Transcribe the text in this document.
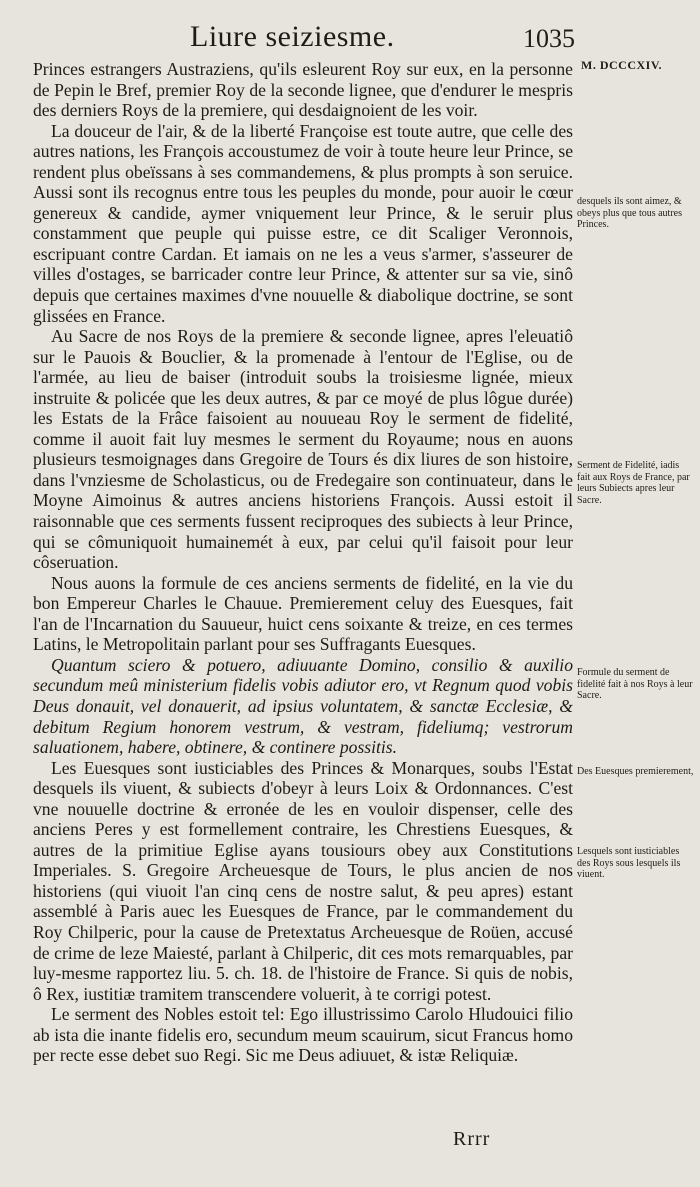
Liure seiziesme.	1035
M. DCCCXIV.

Princes estrangers Austraziens, qu'ils esleurent Roy sur eux, en la personne de Pepin le Bref, premier Roy de la seconde lignee, que d'endurer le mespris des derniers Roys de la premiere, qui desdaignoient de les voir.

La douceur de l'air, & de la liberté Françoise est toute autre, que celle des autres nations, les François accoustumez de voir à toute heure leur Prince, se rendent plus obeïssans à ses commandemens, & plus prompts à son seruice. Aussi sont ils recognus entre tous les peuples du monde, pour auoir le cœur genereux & candide, aymer vniquement leur Prince, & le seruir plus constamment que peuple qui puisse estre, ce dit Scaliger Veronnois, escripuant contre Cardan. Et iamais on ne les a veus s'armer, s'asseurer de villes d'ostages, se barricader contre leur Prince, & attenter sur sa vie, sinô depuis que certaines maximes d'vne nouuelle & diabolique doctrine, se sont glissées en France.

Au Sacre de nos Roys de la premiere & seconde lignee, apres l'eleuatiô sur le Pauois & Bouclier, & la promenade à l'entour de l'Eglise, ou de l'armée, au lieu de baiser (introduit soubs la troisiesme lignée, mieux instruite & policée que les deux autres, & par ce moyé de plus lôgue durée) les Estats de la Frâce faisoient au nouueau Roy le serment de fidelité, comme il auoit fait luy mesmes le serment du Royaume; nous en auons plusieurs tesmoignages dans Gregoire de Tours és dix liures de son histoire, dans l'vnziesme de Scholasticus, ou de Fredegaire son continuateur, dans le Moyne Aimoinus & autres anciens historiens François. Aussi estoit il raisonnable que ces serments fussent reciproques des subiects à leur Prince, qui se cômuniquoit humainemét à eux, par celui qu'il faisoit pour leur côseruation.

Nous auons la formule de ces anciens serments de fidelité, en la vie du bon Empereur Charles le Chauue. Premierement celuy des Euesques, fait l'an de l'Incarnation du Sauueur, huict cens soixante & treize, en ces termes Latins, le Metropolitain parlant pour ses Suffragants Euesques.

Quantum sciero & potuero, adiuuante Domino, consilio & auxilio secundum meû ministerium fidelis vobis adiutor ero, vt Regnum quod vobis Deus donauit, vel donauerit, ad ipsius voluntatem, & sanctæ Ecclesiæ, & debitum Regium honorem vestrum, & vestram, fideliumq; vestrorum saluationem, habere, obtinere, & continere possitis.

Les Euesques sont iusticiables des Princes & Monarques, soubs l'Estat desquels ils viuent, & subiects d'obeyr à leurs Loix & Ordonnances. C'est vne nouuelle doctrine & erronée de les en vouloir dispenser, celle des anciens Peres y est formellement contraire, les Chrestiens Euesques, & autres de la primitiue Eglise ayans tousiours obey aux Constitutions Imperiales. S. Gregoire Archeuesque de Tours, le plus ancien de nos historiens (qui viuoit l'an cinq cens de nostre salut, & peu apres) estant assemblé à Paris auec les Euesques de France, par le commandement du Roy Chilperic, pour la cause de Pretextatus Archeuesque de Roüen, accusé de crime de leze Maiesté, parlant à Chilperic, dit ces mots remarquables, par luy-mesme rapportez liu. 5. ch. 18. de l'histoire de France. Si quis de nobis, ô Rex, iustitiæ tramitem transcendere voluerit, à te corrigi potest.

Le serment des Nobles estoit tel: Ego illustrissimo Carolo Hludouici filio ab ista die inante fidelis ero, secundum meum scauirum, sicut Francus homo per recte esse debet suo Regi. Sic me Deus adiuuet, & istæ Reliquiæ.

desquels ils sont aimez, & obeys plus que tous autres Princes.
Serment de Fidelité, iadis fait aux Roys de France, par leurs Subiects apres leur Sacre.
Formule du serment de fidelité fait à nos Roys à leur Sacre.
Des Euesques premierement,
Lesquels sont iusticiables des Roys sous lesquels ils viuent.
Rrrr
